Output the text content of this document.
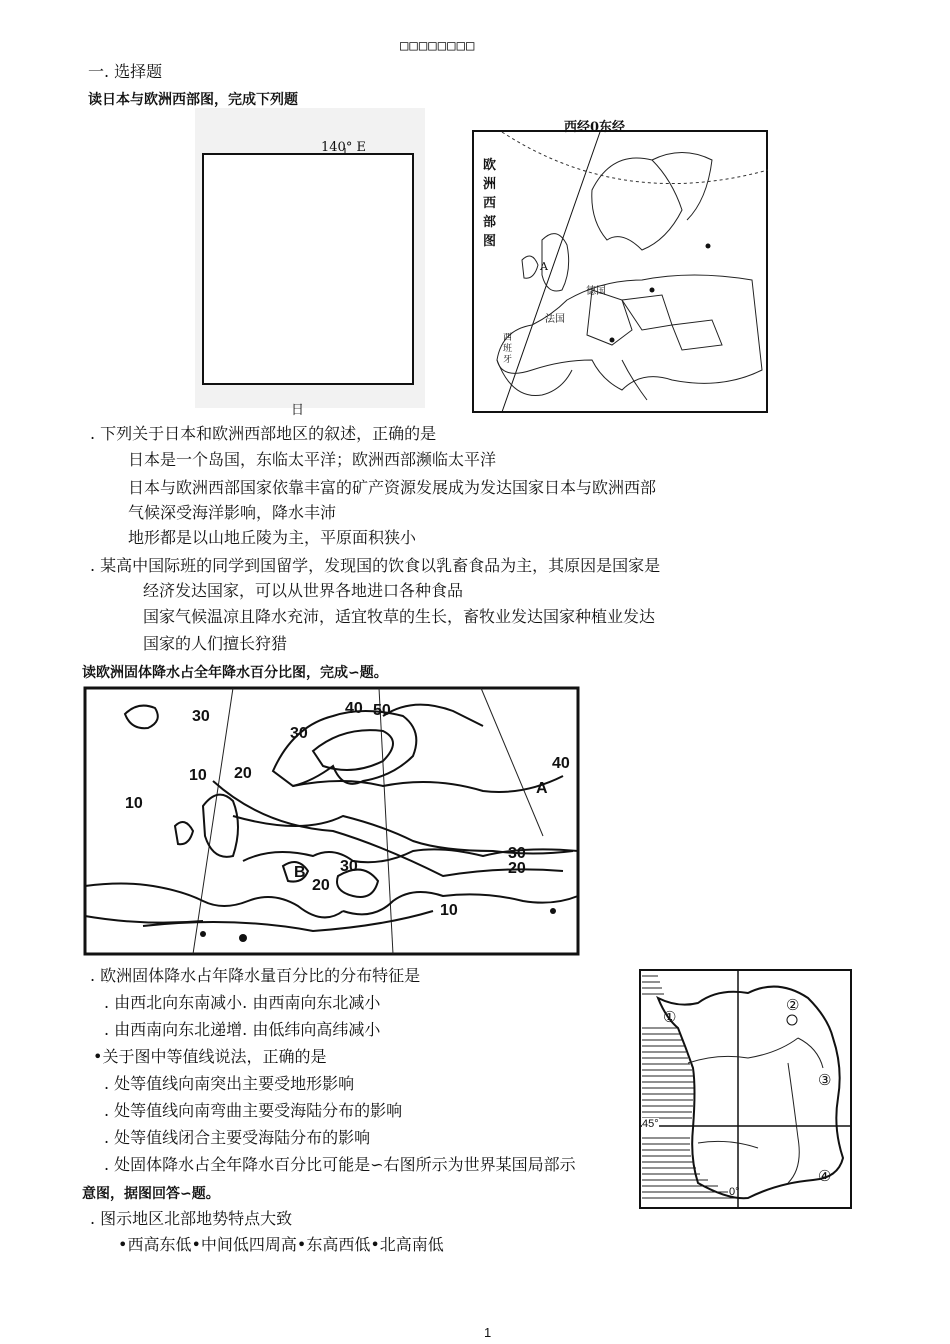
□□□□□□□□
一. 选择题
读日本与欧洲西部图，完成下列题
140° E
日
西经0东经
欧
洲
西
部
图
A
德国
法国
西
班
牙
. 下列关于日本和欧洲西部地区的叙述，正确的是
日本是一个岛国，东临太平洋；欧洲西部濒临太平洋
日本与欧洲西部国家依靠丰富的矿产资源发展成为发达国家日本与欧洲西部
气候深受海洋影响，降水丰沛
地形都是以山地丘陵为主，平原面积狭小
. 某高中国际班的同学到国留学，发现国的饮食以乳畜食品为主，其原因是国家是
经济发达国家，可以从世界各地进口各种食品
国家气候温凉且降水充沛，适宜牧草的生长，畜牧业发达国家种植业发达
国家的人们擅长狩猎
读欧洲固体降水占全年降水百分比图，完成∽题。
30	40 50
30
20
10
10
A
40
30
20
30
20
B
10
. 欧洲固体降水占年降水量百分比的分布特征是
. 由西北向东南减小. 由西南向东北减小
. 由西南向东北递增. 由低纬向高纬减小
•关于图中等值线说法，正确的是
. 处等值线向南突出主要受地形影响
. 处等值线向南弯曲主要受海陆分布的影响
. 处等值线闭合主要受海陆分布的影响
. 处固体降水占全年降水百分比可能是∽右图所示为世界某国局部示
意图，据图回答∽题。
45°
0°
①
②
③
④
. 图示地区北部地势特点大致
•西高东低•中间低四周高•东高西低•北高南低
1
